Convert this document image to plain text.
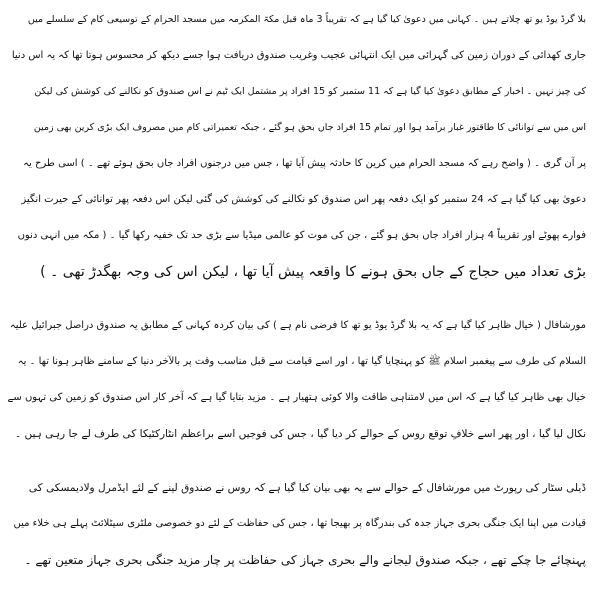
بلا گرڈ یوڈ یو تھ چلاتے ہیں ۔ کہانی میں دعویٰ کیا گیا ہے کہ تقریباً 3 ماہ قبل مکۃ المکرمہ میں مسجد الحرام کے توسیعی کام کے سلسلے میں
جاری کھدائی کے دوران زمین کی گہرائی میں ایک انتہائی عجیب وغریب صندوق دریافت ہوا جسے دیکھ کر محسوس ہوتا تھا کہ یہ اس دنیا
کی چیز نہیں ۔ اخبار کے مطابق دعویٰ کیا گیا ہے کہ 11 ستمبر کو 15 افراد پر مشتمل ایک ٹیم نے اس صندوق کو نکالنے کی کوشش کی لیکن
اس میں سے توانائی کا طاقتور غبار برآمد ہوا اور تمام 15 افراد جاں بحق ہو گئے ، جبکہ تعمیراتی کام میں مصروف ایک بڑی کرین بھی زمین
پر آن گری ۔ ( واضح رہے کہ مسجد الحرام میں کرین کا حادثہ پیش آیا تھا ، جس میں درجنوں افراد جاں بحق ہوئے تھے ۔ ) اسی طرح یہ
دعویٰ بھی کیا گیا ہے کہ 24 ستمبر کو ایک دفعہ پھر اس صندوق کو نکالنے کی کوشش کی گئی لیکن اس دفعہ پھر توانائی کے حیرت انگیز
فوارے پھوٹے اور تقریباً 4 ہزار افراد جاں بحق ہو گئے ، جن کی موت کو عالمی میڈیا سے بڑی حد تک خفیہ رکھا گیا ۔ ( مکہ میں انہی دنوں
بڑی تعداد میں حجاج کے جاں بحق ہونے کا واقعہ پیش آیا تھا ، لیکن اس کی وجہ بھگدڑ تھی ۔ )

مورشافال ( خیال ظاہر کیا گیا ہے کہ یہ بلا گرڈ یوڈ یو تھ کا فرضی نام ہے ) کی بیان کردہ کہانی کے مطابق یہ صندوق دراصل جبرائیل علیہ
السلام کی طرف سے پیغمبر اسلام ﷺ کو پہنچایا گیا تھا ، اور اسے قیامت سے قبل مناسب وقت پر بالآخر دنیا کے سامنے ظاہر ہونا تھا ۔ یہ
خیال بھی ظاہر کیا گیا ہے کہ اس میں لامتناہی طاقت والا کوئی ہتھیار ہے ۔ مزید بتایا گیا ہے کہ آخر کار اس صندوق کو زمین کی تہوں سے
نکال لیا گیا ، اور پھر اسے خلافِ توقع روس کے حوالے کر دیا گیا ، جس کی فوجیں اسے براعظم انٹارکٹیکا کی طرف لے جا رہی ہیں ۔

ڈیلی سٹار کی رپورٹ میں مورشافال کے حوالے سے یہ بھی بیان کیا گیا ہے کہ روس نے صندوق لینے کے لئے ایڈمرل ولادیمسکی کی
قیادت میں اپنا ایک جنگی بحری جہاز جدہ کی بندرگاہ پر بھیجا تھا ، جس کی حفاظت کے لئے دو خصوصی ملٹری سیٹلائٹ پہلے ہی خلاء میں
پہنچائے جا چکے تھے ، جبکہ صندوق لیجانے والے بحری جہاز کی حفاظت پر چار مزید جنگی بحری جہاز متعین تھے ۔
